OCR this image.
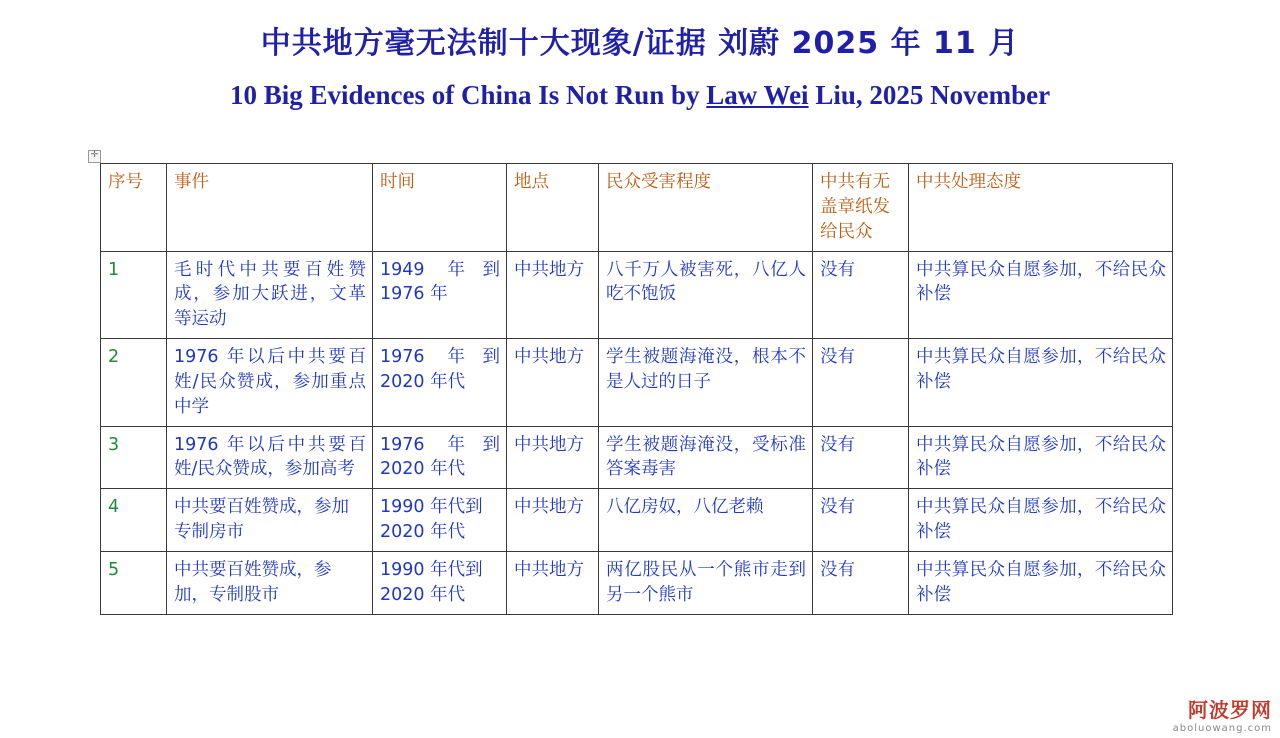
中共地方毫无法制十大现象/证据 刘蔚 2025 年 11 月
10 Big Evidences of China Is Not Run by Law Wei Liu, 2025 November
✛
序号	事件	时间	地点	民众受害程度	中共有无盖章纸发给民众	中共处理态度
1	毛时代中共要百姓赞成，参加大跃进，文革等运动	1949 年到 1976 年	中共地方	八千万人被害死，八亿人吃不饱饭	没有	中共算民众自愿参加，不给民众补偿
2	1976 年以后中共要百姓/民众赞成，参加重点中学	1976 年到 2020 年代	中共地方	学生被题海淹没，根本不是人过的日子	没有	中共算民众自愿参加，不给民众补偿
3	1976 年以后中共要百姓/民众赞成，参加高考	1976 年到 2020 年代	中共地方	学生被题海淹没，受标准答案毒害	没有	中共算民众自愿参加，不给民众补偿
4	中共要百姓赞成，参加专制房市	1990 年代到 2020 年代	中共地方	八亿房奴，八亿老赖	没有	中共算民众自愿参加，不给民众补偿
5	中共要百姓赞成，参加，专制股市	1990 年代到 2020 年代	中共地方	两亿股民从一个熊市走到另一个熊市	没有	中共算民众自愿参加，不给民众补偿
阿波罗网
aboluowang.com
